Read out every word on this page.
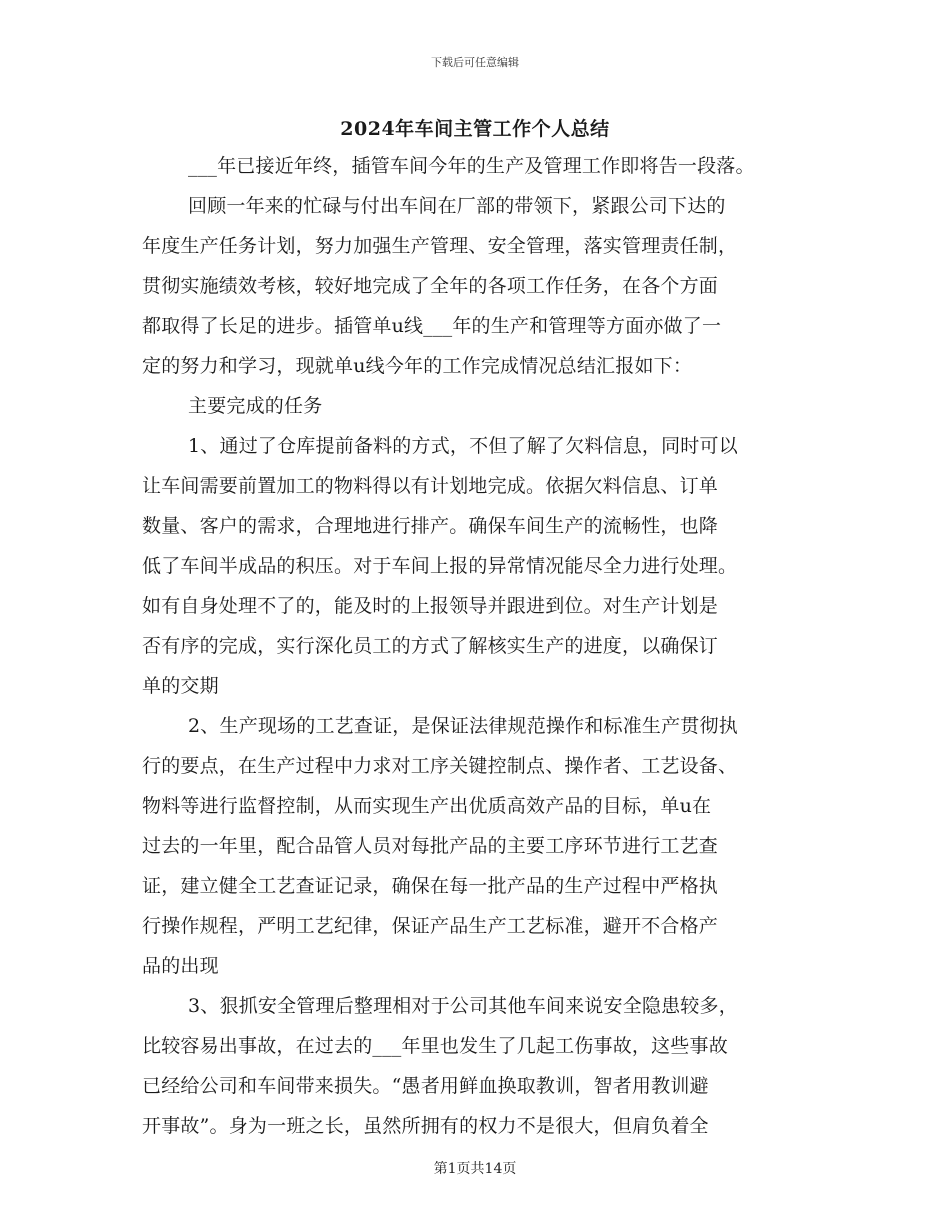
下载后可任意编辑
2024年车间主管工作个人总结
___年已接近年终，插管车间今年的生产及管理工作即将告一段落。
回顾一年来的忙碌与付出车间在厂部的带领下，紧跟公司下达的
年度生产任务计划，努力加强生产管理、安全管理，落实管理责任制，
贯彻实施绩效考核，较好地完成了全年的各项工作任务，在各个方面
都取得了长足的进步。插管单u线___年的生产和管理等方面亦做了一
定的努力和学习，现就单u线今年的工作完成情况总结汇报如下：
主要完成的任务
1、通过了仓库提前备料的方式，不但了解了欠料信息，同时可以
让车间需要前置加工的物料得以有计划地完成。依据欠料信息、订单
数量、客户的需求，合理地进行排产。确保车间生产的流畅性，也降
低了车间半成品的积压。对于车间上报的异常情况能尽全力进行处理。
如有自身处理不了的，能及时的上报领导并跟进到位。对生产计划是
否有序的完成，实行深化员工的方式了解核实生产的进度，以确保订
单的交期
2、生产现场的工艺查证，是保证法律规范操作和标准生产贯彻执
行的要点，在生产过程中力求对工序关键控制点、操作者、工艺设备、
物料等进行监督控制，从而实现生产出优质高效产品的目标，单u在
过去的一年里，配合品管人员对每批产品的主要工序环节进行工艺查
证，建立健全工艺查证记录，确保在每一批产品的生产过程中严格执
行操作规程，严明工艺纪律，保证产品生产工艺标准，避开不合格产
品的出现
3、狠抓安全管理后整理相对于公司其他车间来说安全隐患较多，
比较容易出事故，在过去的___年里也发生了几起工伤事故，这些事故
已经给公司和车间带来损失。“愚者用鲜血换取教训，智者用教训避
开事故”。身为一班之长，虽然所拥有的权力不是很大，但肩负着全
第1页共14页
